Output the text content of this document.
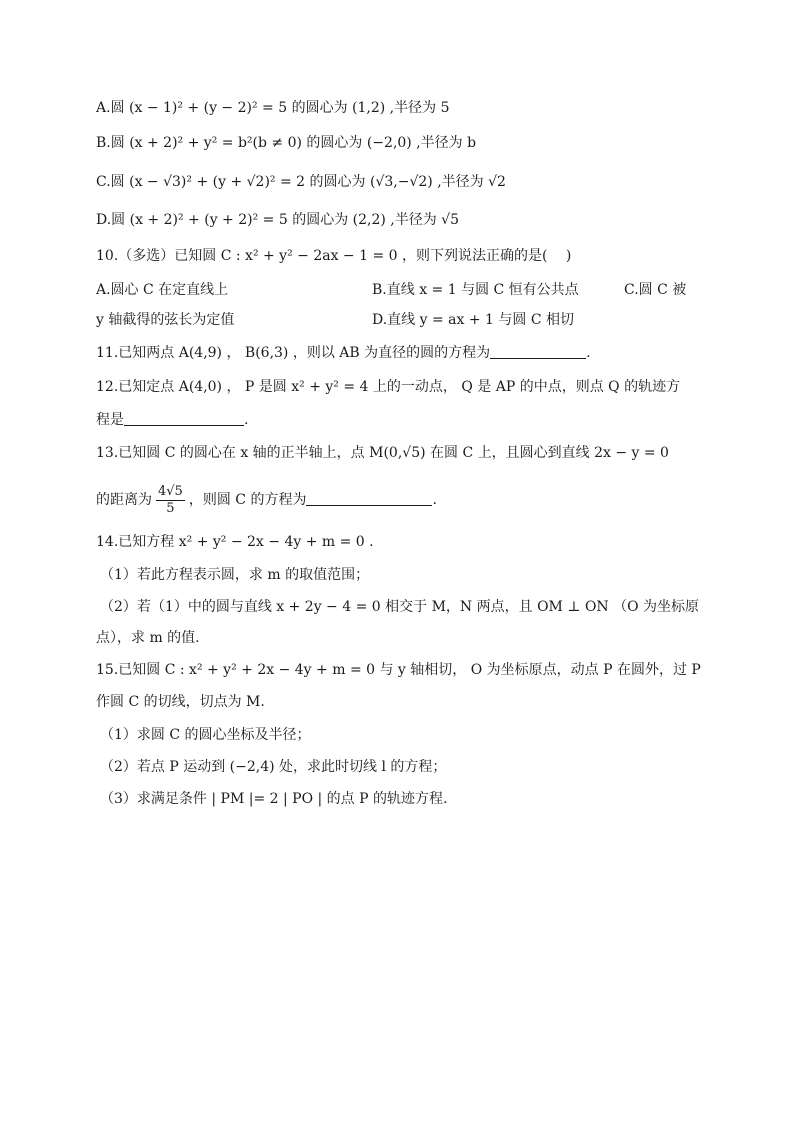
A.圆 (x − 1)² + (y − 2)² = 5 的圆心为 (1,2) ,半径为 5
B.圆 (x + 2)² + y² = b²(b ≠ 0) 的圆心为 (−2,0) ,半径为 b
C.圆 (x − √3)² + (y + √2)² = 2 的圆心为 (√3,−√2) ,半径为 √2
D.圆 (x + 2)² + (y + 2)² = 5 的圆心为 (2,2) ,半径为 √5
10.（多选）已知圆 C : x² + y² − 2ax − 1 = 0 ，则下列说法正确的是(　 )
A.圆心 C 在定直线上	B.直线 x = 1 与圆 C 恒有公共点	C.圆 C 被
y 轴截得的弦长为定值	D.直线 y = ax + 1 与圆 C 相切
11.已知两点 A(4,9) ， B(6,3) ，则以 AB 为直径的圆的方程为	.
12.已知定点 A(4,0) ， P 是圆 x² + y² = 4 上的一动点， Q 是 AP 的中点，则点 Q 的轨迹方
程是	.
13.已知圆 C 的圆心在 x 轴的正半轴上，点 M(0,√5) 在圆 C 上，且圆心到直线 2x − y = 0
的距离为 $\frac{4√5}{5}$ ，则圆 C 的方程为	.
14.已知方程 x² + y² − 2x − 4y + m = 0 .
（1）若此方程表示圆，求 m 的取值范围；
（2）若（1）中的圆与直线 x + 2y − 4 = 0 相交于 M，N 两点，且 OM ⊥ ON （O 为坐标原
点），求 m 的值.
15.已知圆 C : x² + y² + 2x − 4y + m = 0 与 y 轴相切， O 为坐标原点，动点 P 在圆外，过 P
作圆 C 的切线，切点为 M.
（1）求圆 C 的圆心坐标及半径；
（2）若点 P 运动到 (−2,4) 处，求此时切线 l 的方程；
（3）求满足条件 | PM |= 2 | PO | 的点 P 的轨迹方程.
